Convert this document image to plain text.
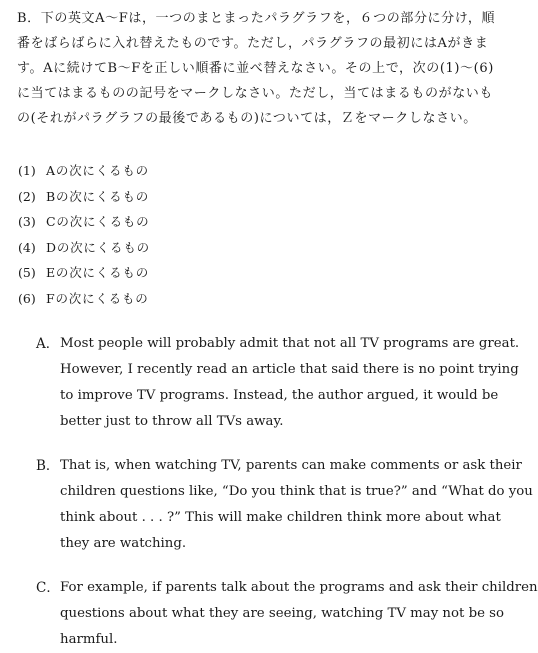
B．下の英文A～Fは，一つのまとまったパラグラフを，６つの部分に分け，順
番をばらばらに入れ替えたものです。ただし，パラグラフの最初にはAがきま
す。Aに続けてB～Fを正しい順番に並べ替えなさい。その上で，次の(1)～(6)
に当てはまるものの記号をマークしなさい。ただし，当てはまるものがないも
の(それがパラグラフの最後であるもの)については，Ｚをマークしなさい。
(1) Aの次にくるもの
(2) Bの次にくるもの
(3) Cの次にくるもの
(4) Dの次にくるもの
(5) Eの次にくるもの
(6) Fの次にくるもの
A． Most people will probably admit that not all TV programs are great.
However, I recently read an article that said there is no point trying
to improve TV programs. Instead, the author argued, it would be
better just to throw all TVs away.
B． That is, when watching TV, parents can make comments or ask their
children questions like, “Do you think that is true?” and “What do you
think about . . . ?” This will make children think more about what
they are watching.
C． For example, if parents talk about the programs and ask their children
questions about what they are seeing, watching TV may not be so
harmful.
